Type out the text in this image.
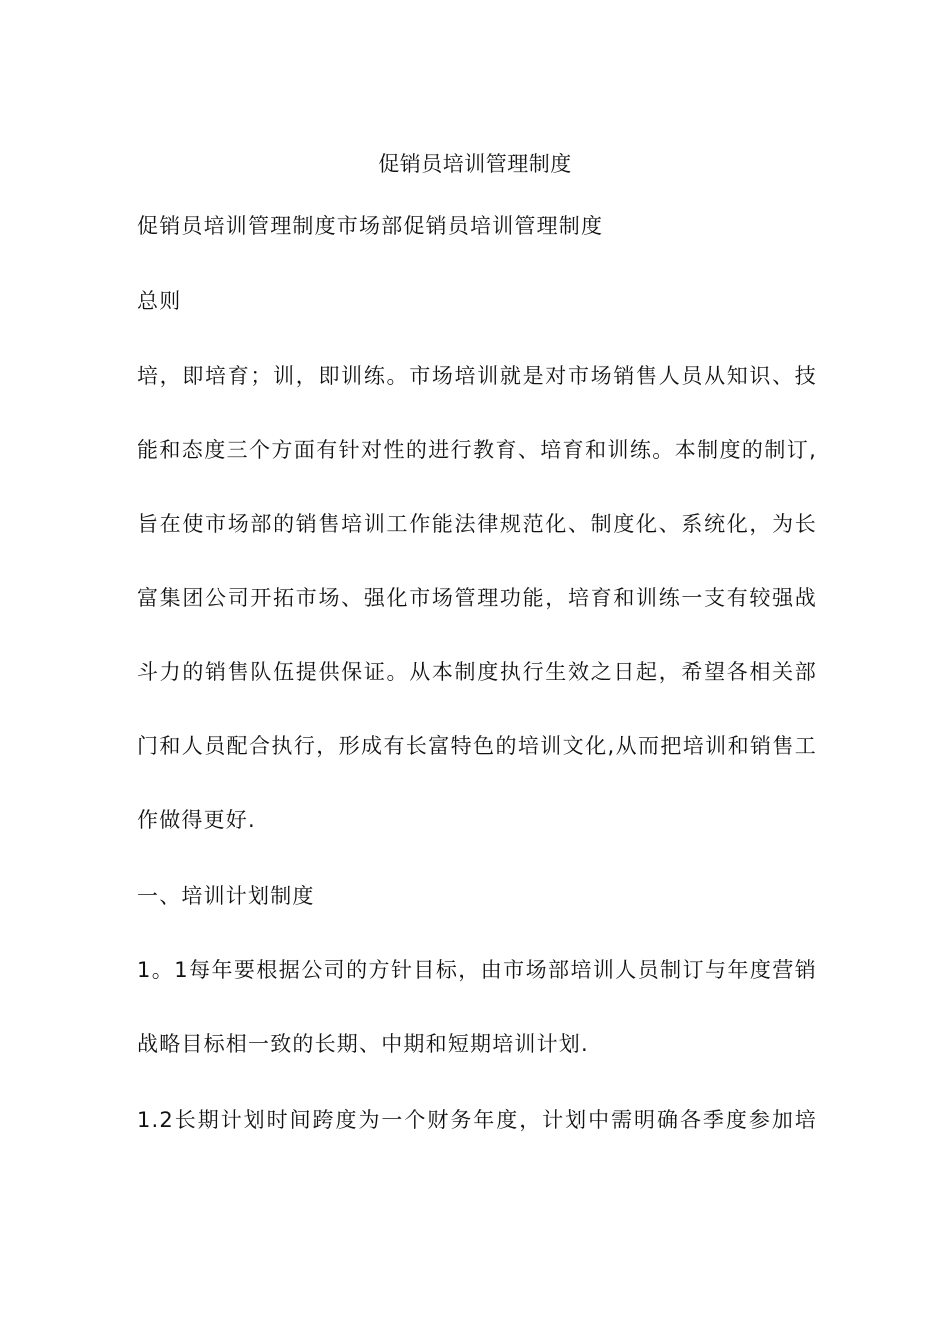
促销员培训管理制度
促销员培训管理制度市场部促销员培训管理制度
总则
培，即培育；训，即训练。市场培训就是对市场销售人员从知识、技
能和态度三个方面有针对性的进行教育、培育和训练。本制度的制订,
旨在使市场部的销售培训工作能法律规范化、制度化、系统化，为长
富集团公司开拓市场、强化市场管理功能，培育和训练一支有较强战
斗力的销售队伍提供保证。从本制度执行生效之日起，希望各相关部
门和人员配合执行，形成有长富特色的培训文化,从而把培训和销售工
作做得更好.
一、培训计划制度
1。1每年要根据公司的方针目标，由市场部培训人员制订与年度营销
战略目标相一致的长期、中期和短期培训计划.
1.2长期计划时间跨度为一个财务年度，计划中需明确各季度参加培
